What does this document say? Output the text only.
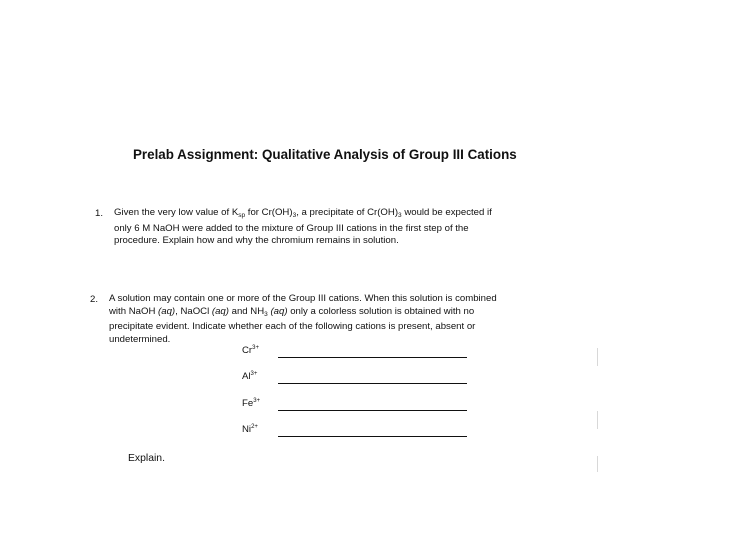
Prelab Assignment: Qualitative Analysis of Group III Cations
1. Given the very low value of $K_{sp}$ for $Cr(OH)_3$, a precipitate of $Cr(OH)_3$ would be expected if
only 6 M NaOH were added to the mixture of Group III cations in the first step of the
procedure. Explain how and why the chromium remains in solution.
2. A solution may contain one or more of the Group III cations. When this solution is combined
with NaOH (aq), NaOCl (aq) and $NH_3$ (aq) only a colorless solution is obtained with no
precipitate evident. Indicate whether each of the following cations is present, absent or
undetermined.
$Cr^{3+}$
$Al^{3+}$
$Fe^{3+}$
$Ni^{2+}$
Explain.
